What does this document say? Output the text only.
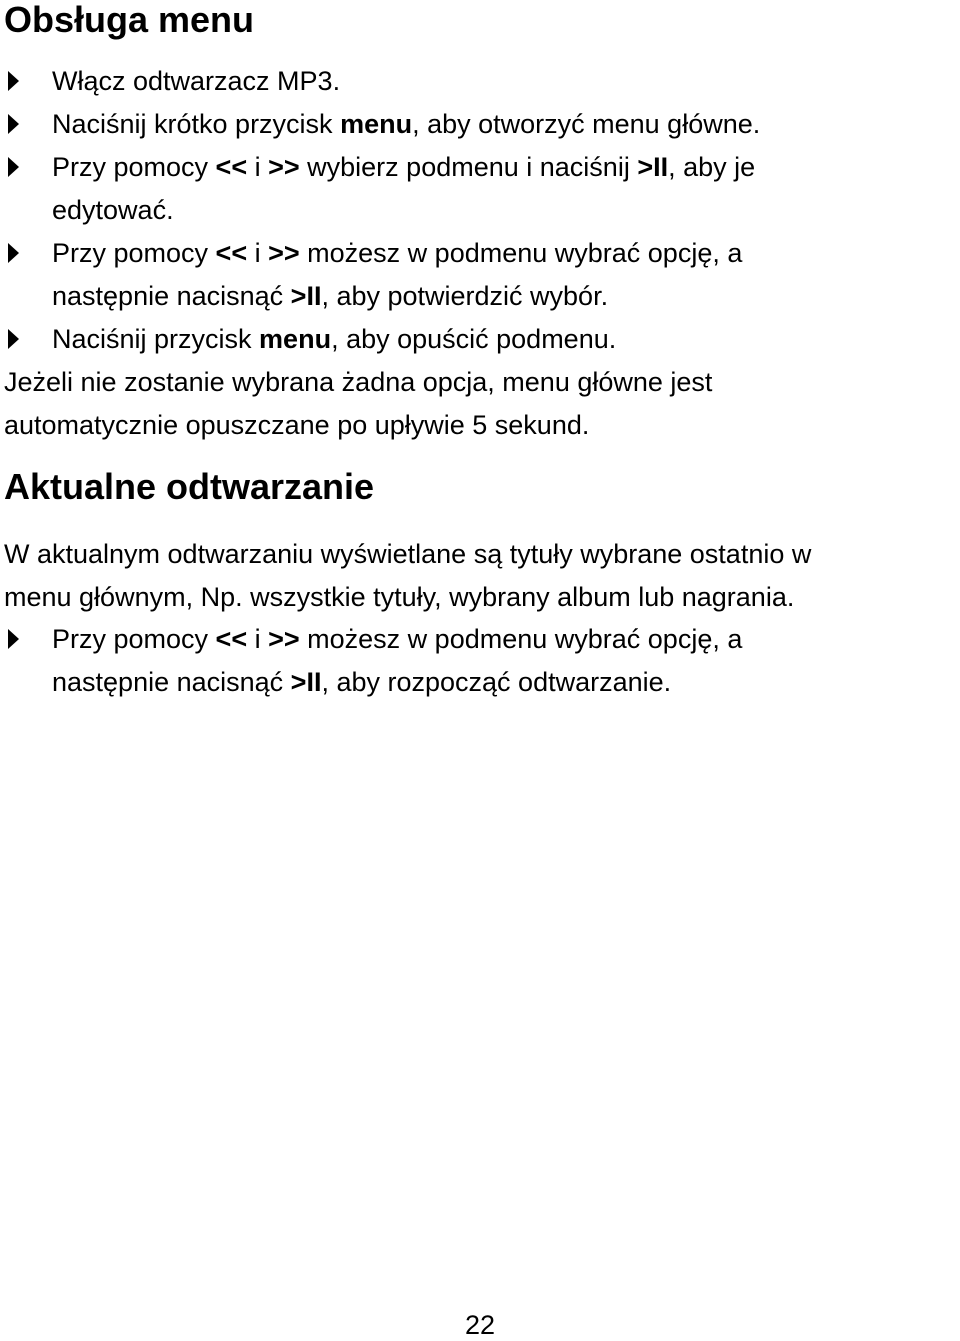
Obsługa menu
Włącz odtwarzacz MP3.
Naciśnij krótko przycisk menu, aby otworzyć menu główne.
Przy pomocy << i >> wybierz podmenu i naciśnij >II, aby je
edytować.
Przy pomocy << i >> możesz w podmenu wybrać opcję, a
następnie nacisnąć >II, aby potwierdzić wybór.
Naciśnij przycisk menu, aby opuścić podmenu.
Jeżeli nie zostanie wybrana żadna opcja, menu główne jest
automatycznie opuszczane po upływie 5 sekund.
Aktualne odtwarzanie
W aktualnym odtwarzaniu wyświetlane są tytuły wybrane ostatnio w
menu głównym, Np. wszystkie tytuły, wybrany album lub nagrania.
Przy pomocy << i >> możesz w podmenu wybrać opcję, a
następnie nacisnąć >II, aby rozpocząć odtwarzanie.
22
